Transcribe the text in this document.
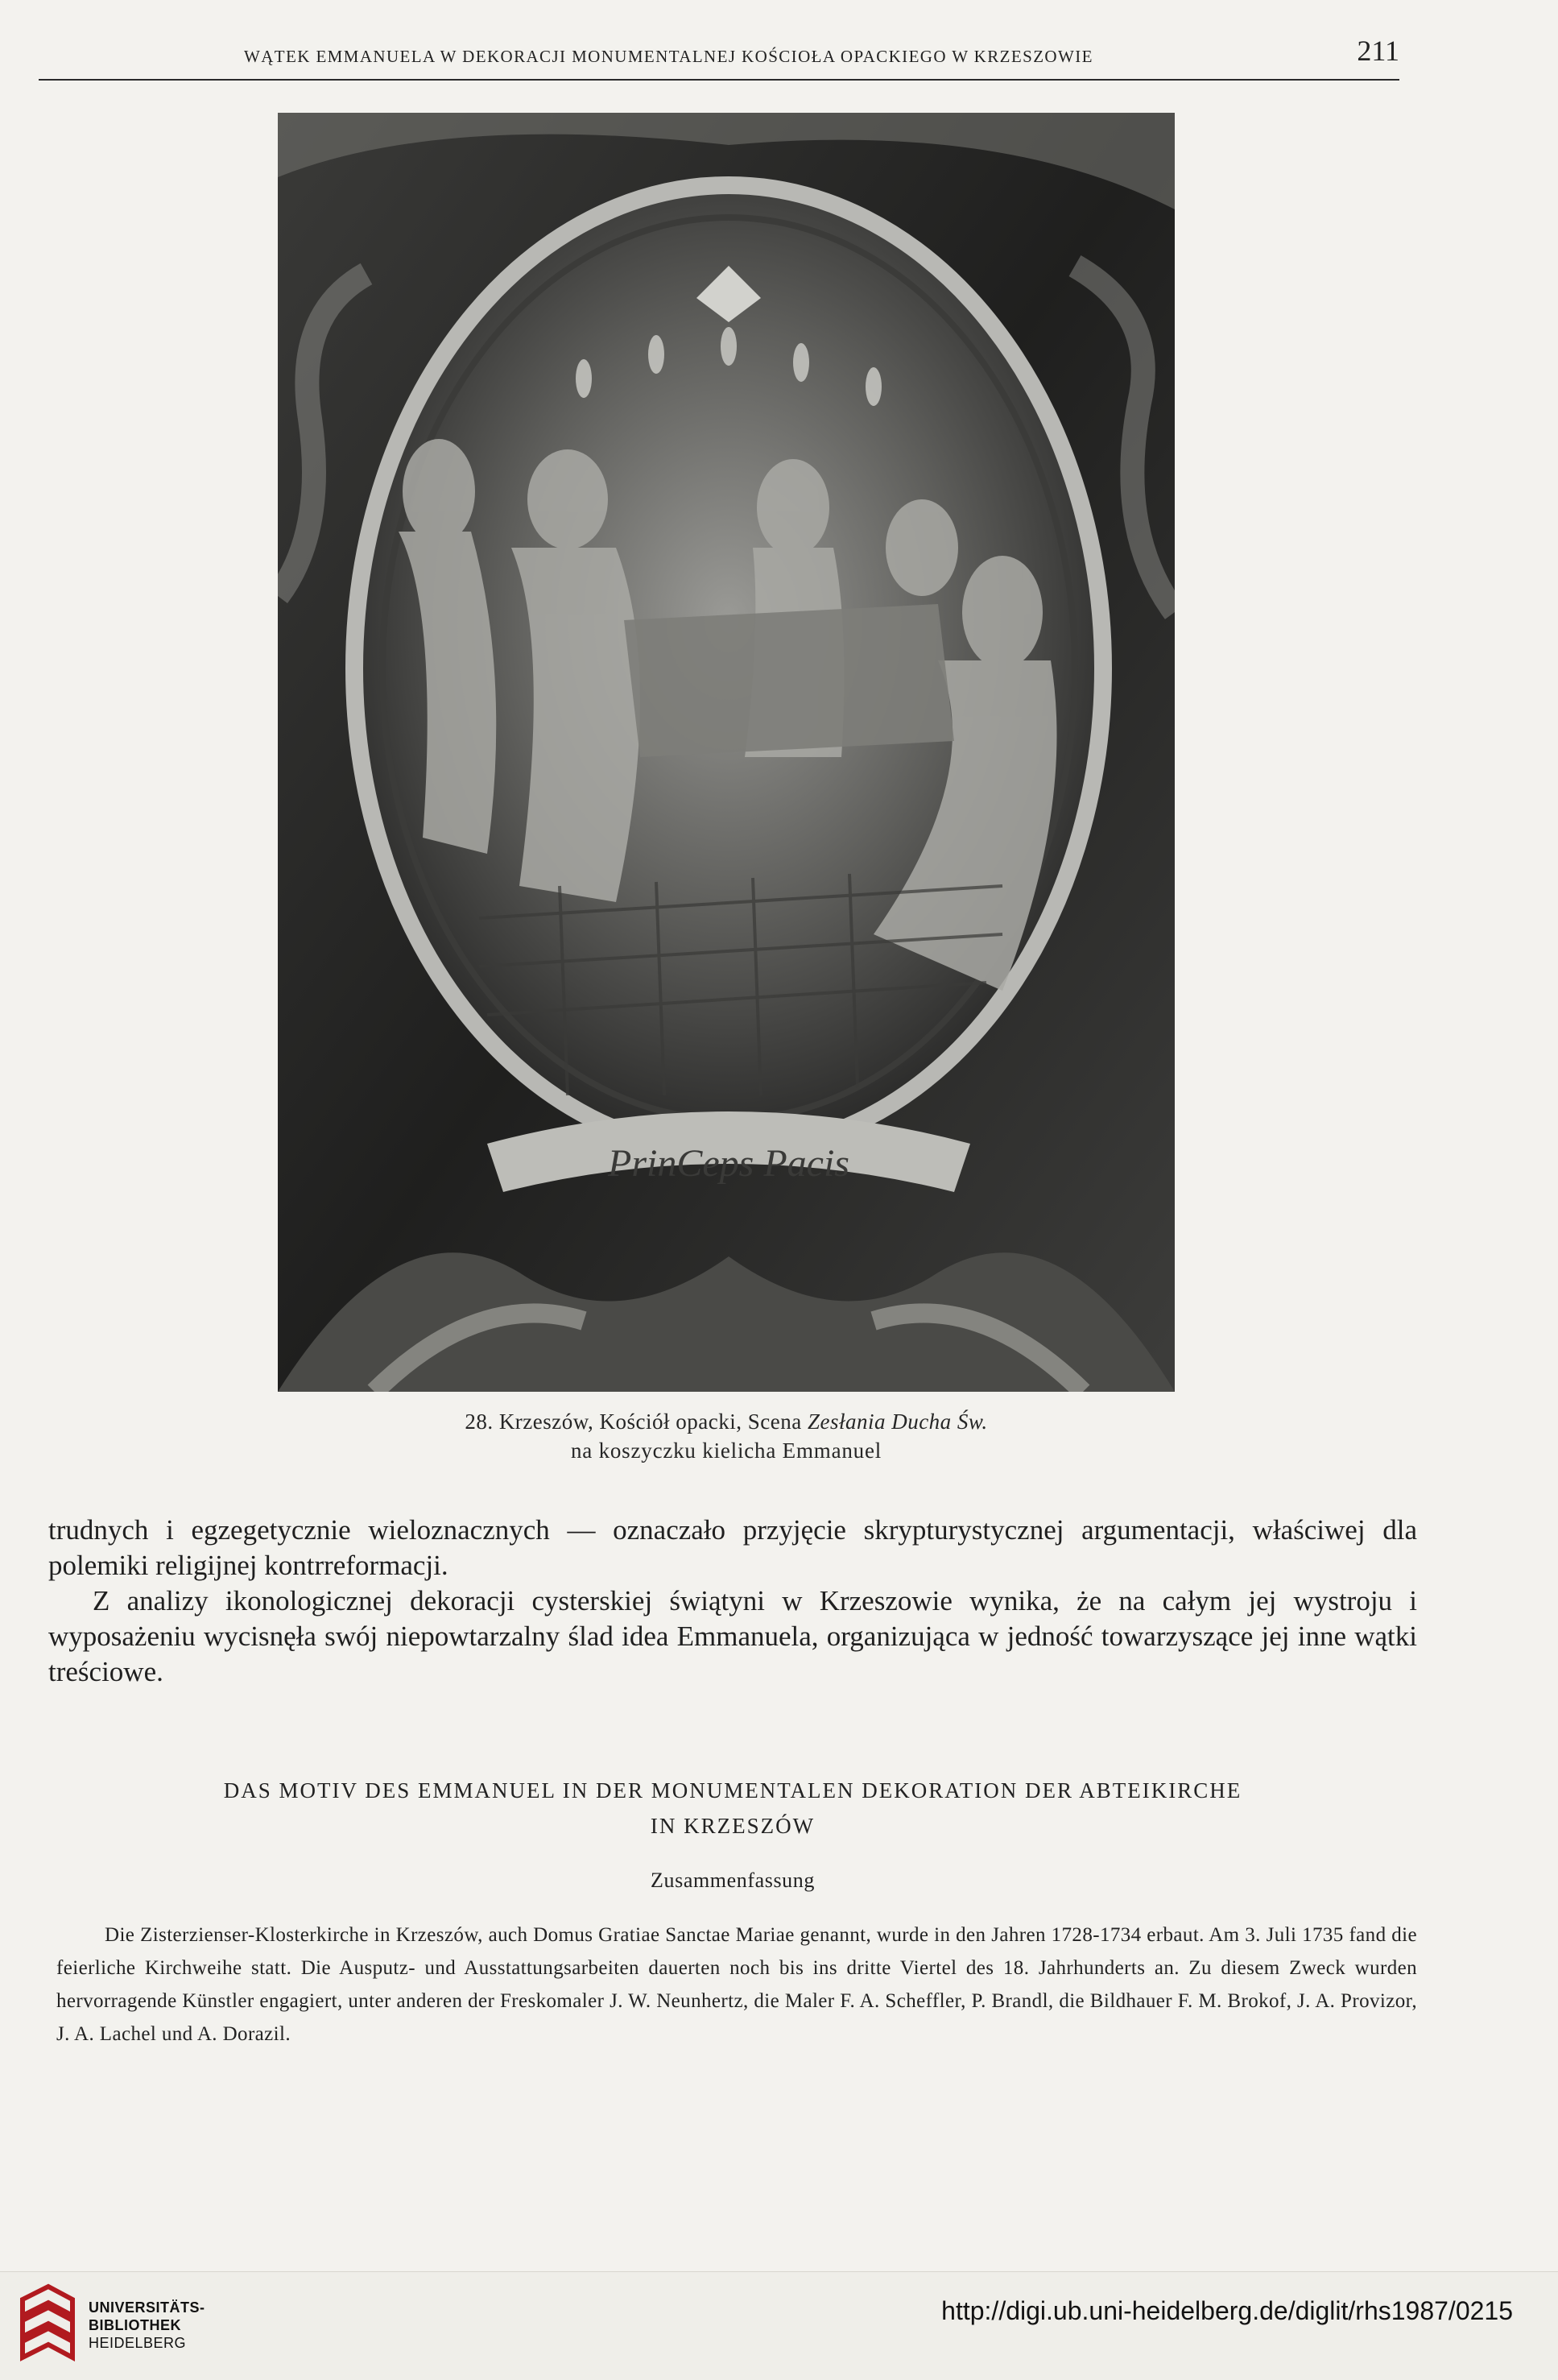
WĄTEK EMMANUELA W DEKORACJI MONUMENTALNEJ KOŚCIOŁA OPACKIEGO W KRZESZOWIE	211
PrinCeps Pacis
28. Krzeszów, Kościół opacki, Scena Zesłania Ducha Św.
na koszyczku kielicha Emmanuel
trudnych i egzegetycznie wieloznacznych — oznaczało przyjęcie skrypturystycznej argumentacji, właściwej dla polemiki religijnej kontrreformacji.
Z analizy ikonologicznej dekoracji cysterskiej świątyni w Krzeszowie wynika, że na całym jej wystroju i wyposażeniu wycisnęła swój niepowtarzalny ślad idea Emmanuela, organizująca w jedność towarzyszące jej inne wątki treściowe.
DAS MOTIV DES EMMANUEL IN DER MONUMENTALEN DEKORATION DER ABTEIKIRCHE
IN KRZESZÓW
Zusammenfassung
Die Zisterzienser-Klosterkirche in Krzeszów, auch Domus Gratiae Sanctae Mariae genannt, wurde in den Jahren 1728-1734 erbaut. Am 3. Juli 1735 fand die feierliche Kirchweihe statt. Die Ausputz- und Ausstattungsarbeiten dauerten noch bis ins dritte Viertel des 18. Jahrhunderts an. Zu diesem Zweck wurden hervorragende Künstler engagiert, unter anderen der Freskomaler J. W. Neunhertz, die Maler F. A. Scheffler, P. Brandl, die Bildhauer F. M. Brokof, J. A. Provizor, J. A. Lachel und A. Dorazil.
UNIVERSITÄTS-
BIBLIOTHEK
HEIDELBERG
http://digi.ub.uni-heidelberg.de/diglit/rhs1987/0215
